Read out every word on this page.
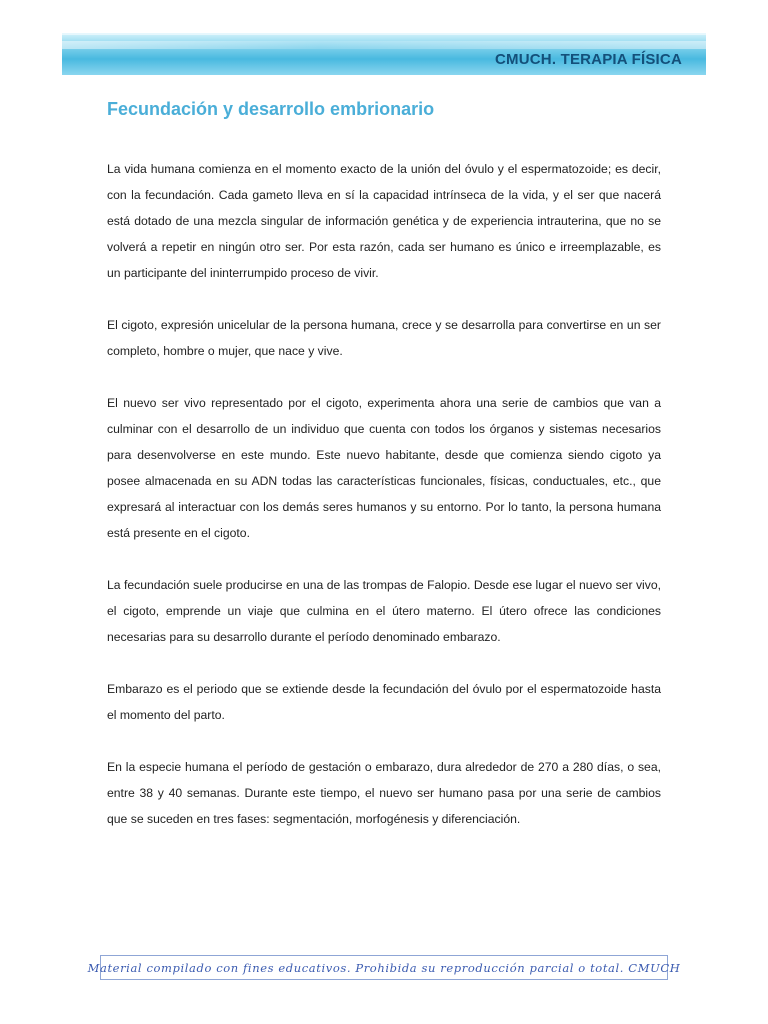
CMUCH. TERAPIA FÍSICA
Fecundación y desarrollo embrionario

La vida humana comienza en el momento exacto de la unión del óvulo y el espermatozoide; es decir, con la fecundación. Cada gameto lleva en sí la capacidad intrínseca de la vida, y el ser que nacerá está dotado de una mezcla singular de información genética y de experiencia intrauterina, que no se volverá a repetir en ningún otro ser. Por esta razón, cada ser humano es único e irreemplazable, es un participante del ininterrumpido proceso de vivir.

El cigoto, expresión unicelular de la persona humana, crece y se desarrolla para convertirse en un ser completo, hombre o mujer, que nace y vive.

El nuevo ser vivo representado por el cigoto, experimenta ahora una serie de cambios que van a culminar con el desarrollo de un individuo que cuenta con todos los órganos y sistemas necesarios para desenvolverse en este mundo. Este nuevo habitante, desde que comienza siendo cigoto ya posee almacenada en su ADN todas las características funcionales, físicas, conductuales, etc., que expresará al interactuar con los demás seres humanos y su entorno. Por lo tanto, la persona humana está presente en el cigoto.

La fecundación suele producirse en una de las trompas de Falopio. Desde ese lugar el nuevo ser vivo, el cigoto, emprende un viaje que culmina en el útero materno. El útero ofrece las condiciones necesarias para su desarrollo durante el período denominado embarazo.

Embarazo es el periodo que se extiende desde la fecundación del óvulo por el espermatozoide hasta el momento del parto.

En la especie humana el período de gestación o embarazo, dura alrededor de 270 a 280 días, o sea, entre 38 y 40 semanas. Durante este tiempo, el nuevo ser humano pasa por una serie de cambios que se suceden en tres fases: segmentación, morfogénesis y diferenciación.

Material compilado con fines educativos. Prohibida su reproducción parcial o total. CMUCH
